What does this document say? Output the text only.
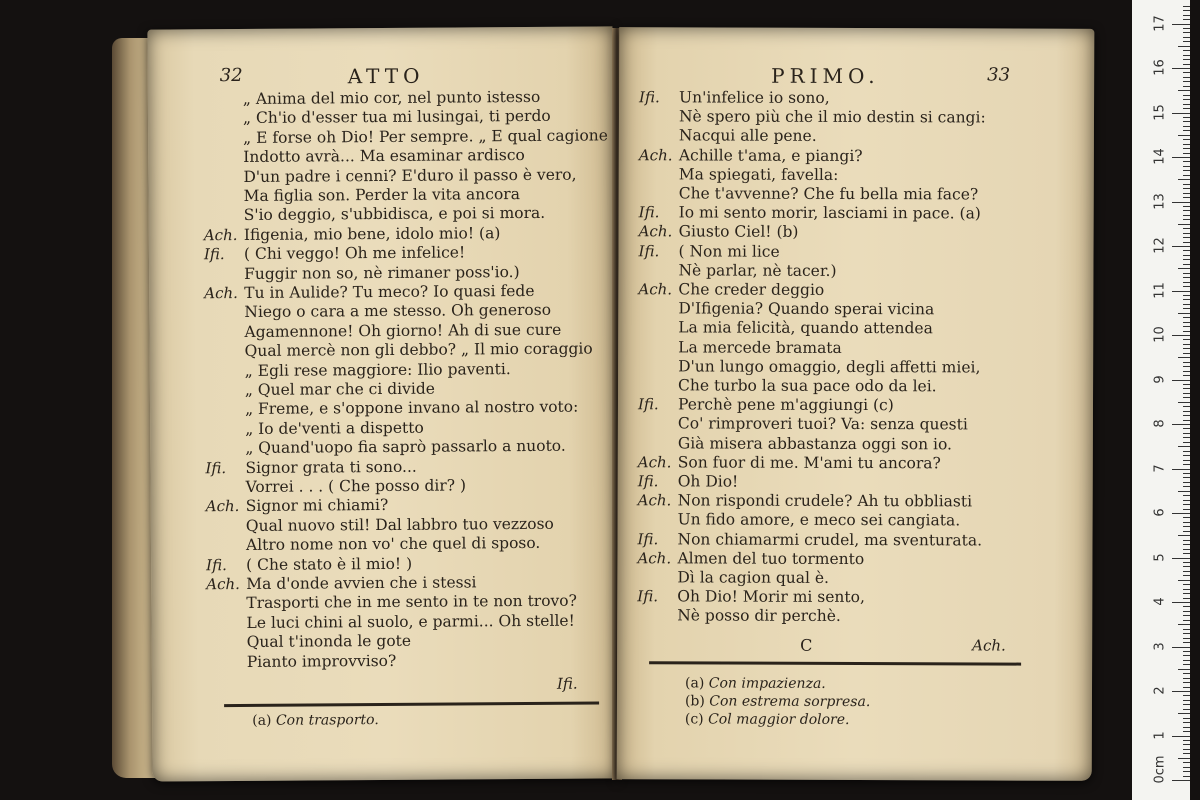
32	ATTO
„ Anima del mio cor, nel punto istesso
„ Ch'io d'esser tua mi lusingai, ti perdo
„ E forse oh Dio! Per sempre. „ E qual cagione
Indotto avrà... Ma esaminar ardisco
D'un padre i cenni? E'duro il passo è vero,
Ma figlia son. Perder la vita ancora
S'io deggio, s'ubbidisca, e poi si mora.
Ach. Ifigenia, mio bene, idolo mio! (a)
Ifi. ( Chi veggo! Oh me infelice!
Fuggir non so, nè rimaner poss'io.)
Ach. Tu in Aulide? Tu meco? Io quasi fede
Niego o cara a me stesso. Oh generoso
Agamennone! Oh giorno! Ah di sue cure
Qual mercè non gli debbo? „ Il mio coraggio
„ Egli rese maggiore: Ilio paventi.
„ Quel mar che ci divide
„ Freme, e s'oppone invano al nostro voto:
„ Io de'venti a dispetto
„ Quand'uopo fia saprò passarlo a nuoto.
Ifi. Signor grata ti sono...
Vorrei . . . ( Che posso dir? )
Ach. Signor mi chiami?
Qual nuovo stil! Dal labbro tuo vezzoso
Altro nome non vo' che quel di sposo.
Ifi. ( Che stato è il mio! )
Ach. Ma d'onde avvien che i stessi
Trasporti che in me sento in te non trovo?
Le luci chini al suolo, e parmi... Oh stelle!
Qual t'inonda le gote
Pianto improvviso?
Ifi.
(a) Con trasporto.
PRIMO.	33
Ifi. Un'infelice io sono,
Nè spero più che il mio destin si cangi:
Nacqui alle pene.
Ach. Achille t'ama, e piangi?
Ma spiegati, favella:
Che t'avvenne? Che fu bella mia face?
Ifi. Io mi sento morir, lasciami in pace. (a)
Ach. Giusto Ciel! (b)
Ifi. ( Non mi lice
Nè parlar, nè tacer.)
Ach. Che creder deggio
D'Ifigenia? Quando sperai vicina
La mia felicità, quando attendea
La mercede bramata
D'un lungo omaggio, degli affetti miei,
Che turbo la sua pace odo da lei.
Ifi. Perchè pene m'aggiungi (c)
Co' rimproveri tuoi? Va: senza questi
Già misera abbastanza oggi son io.
Ach. Son fuor di me. M'ami tu ancora?
Ifi. Oh Dio!
Ach. Non rispondi crudele? Ah tu obbliasti
Un fido amore, e meco sei cangiata.
Ifi. Non chiamarmi crudel, ma sventurata.
Ach. Almen del tuo tormento
Dì la cagion qual è.
Ifi. Oh Dio! Morir mi sento,
Nè posso dir perchè.
C	Ach.
(a) Con impazienza.
(b) Con estrema sorpresa.
(c) Col maggior dolore.
0cm
1
2
3
4
5
6
7
8
9
10
11
12
13
14
15
16
17
